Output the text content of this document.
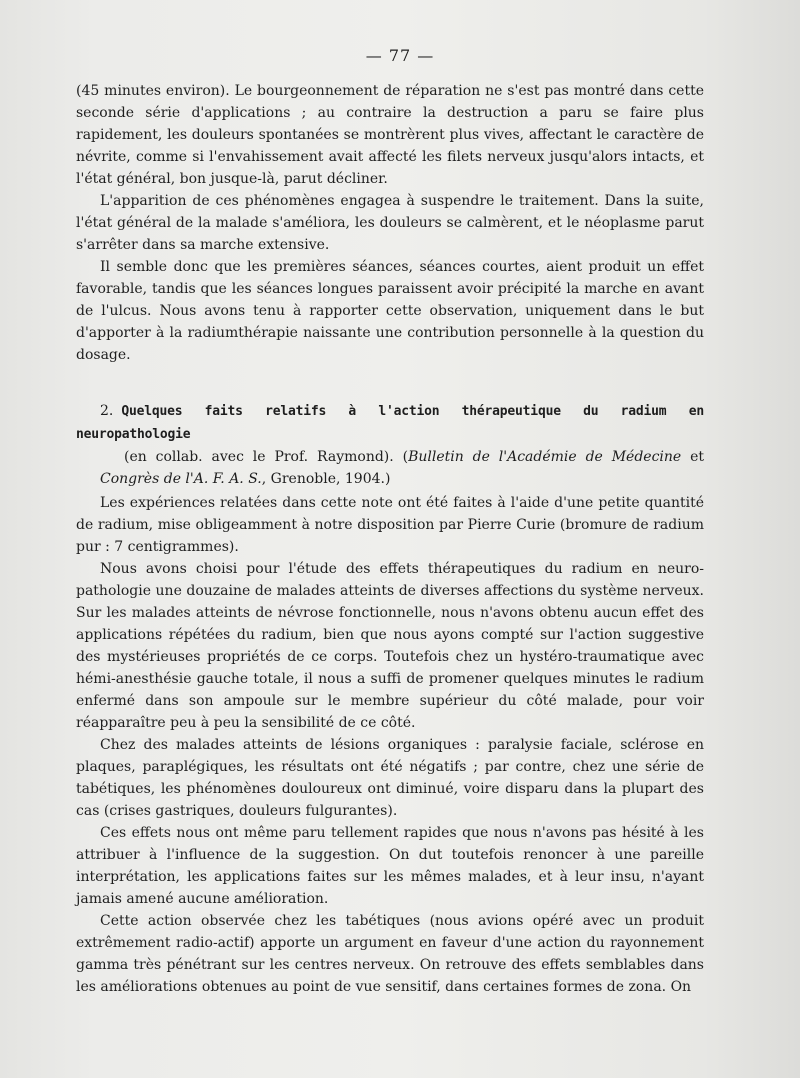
— 77 —

(45 minutes environ). Le bourgeonnement de réparation ne s'est pas montré dans cette seconde série d'applications ; au contraire la destruction a paru se faire plus rapidement, les douleurs spontanées se montrèrent plus vives, affectant le caractère de névrite, comme si l'envahissement avait affecté les filets nerveux jusqu'alors intacts, et l'état général, bon jusque-là, parut décliner.

L'apparition de ces phénomènes engagea à suspendre le traitement. Dans la suite, l'état général de la malade s'améliora, les douleurs se calmèrent, et le néoplasme parut s'arrêter dans sa marche extensive.

Il semble donc que les premières séances, séances courtes, aient produit un effet favorable, tandis que les séances longues paraissent avoir précipité la marche en avant de l'ulcus. Nous avons tenu à rapporter cette observation, uniquement dans le but d'apporter à la radiumthérapie naissante une contribution personnelle à la question du dosage.

2. Quelques faits relatifs à l'action thérapeutique du radium en neuropathologie
(en collab. avec le Prof. Raymond). (Bulletin de l'Académie de Médecine et Congrès de l'A. F. A. S., Grenoble, 1904.)

Les expériences relatées dans cette note ont été faites à l'aide d'une petite quantité de radium, mise obligeamment à notre disposition par Pierre Curie (bromure de radium pur : 7 centigrammes).

Nous avons choisi pour l'étude des effets thérapeutiques du radium en neuro-pathologie une douzaine de malades atteints de diverses affections du système nerveux. Sur les malades atteints de névrose fonctionnelle, nous n'avons obtenu aucun effet des applications répétées du radium, bien que nous ayons compté sur l'action suggestive des mystérieuses propriétés de ce corps. Toutefois chez un hystéro-traumatique avec hémi-anesthésie gauche totale, il nous a suffi de promener quelques minutes le radium enfermé dans son ampoule sur le membre supérieur du côté malade, pour voir réapparaître peu à peu la sensibilité de ce côté.

Chez des malades atteints de lésions organiques : paralysie faciale, sclérose en plaques, paraplégiques, les résultats ont été négatifs ; par contre, chez une série de tabétiques, les phénomènes douloureux ont diminué, voire disparu dans la plupart des cas (crises gastriques, douleurs fulgurantes).

Ces effets nous ont même paru tellement rapides que nous n'avons pas hésité à les attribuer à l'influence de la suggestion. On dut toutefois renoncer à une pareille interprétation, les applications faites sur les mêmes malades, et à leur insu, n'ayant jamais amené aucune amélioration.

Cette action observée chez les tabétiques (nous avions opéré avec un produit extrêmement radio-actif) apporte un argument en faveur d'une action du rayonnement gamma très pénétrant sur les centres nerveux. On retrouve des effets semblables dans les améliorations obtenues au point de vue sensitif, dans certaines formes de zona. On
